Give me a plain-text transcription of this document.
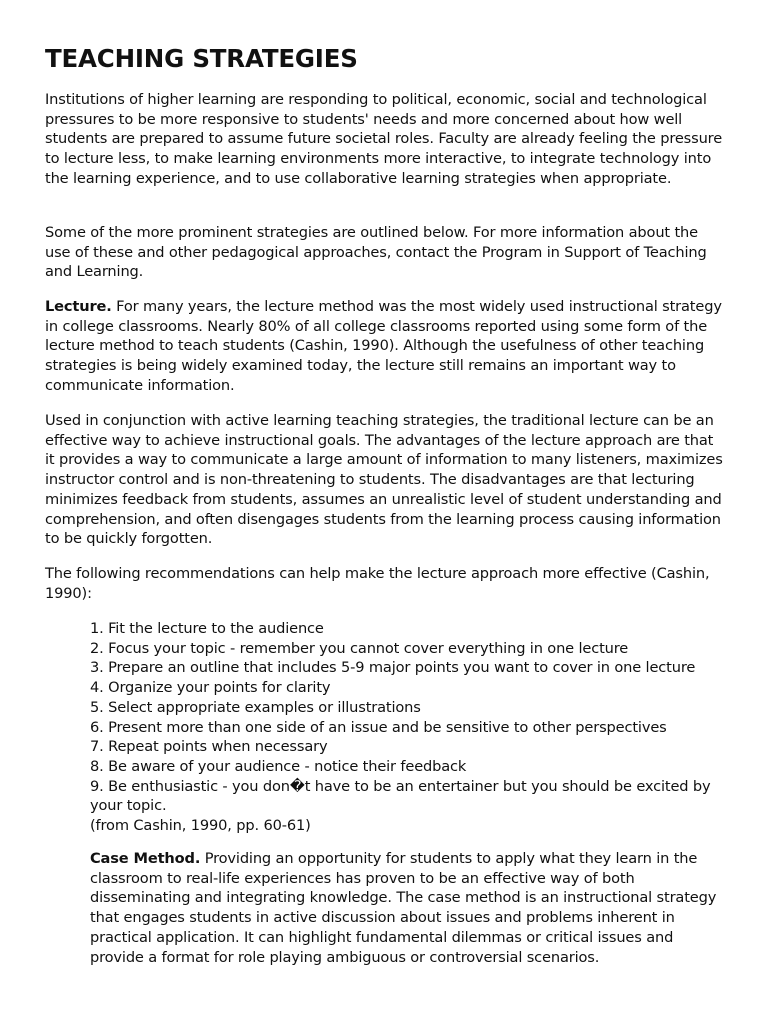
TEACHING STRATEGIES

Institutions of higher learning are responding to political, economic, social and technological pressures to be more responsive to students' needs and more concerned about how well students are prepared to assume future societal roles. Faculty are already feeling the pressure to lecture less, to make learning environments more interactive, to integrate technology into the learning experience, and to use collaborative learning strategies when appropriate.

Some of the more prominent strategies are outlined below. For more information about the use of these and other pedagogical approaches, contact the Program in Support of Teaching and Learning.

Lecture. For many years, the lecture method was the most widely used instructional strategy in college classrooms. Nearly 80% of all college classrooms reported using some form of the lecture method to teach students (Cashin, 1990). Although the usefulness of other teaching strategies is being widely examined today, the lecture still remains an important way to communicate information.

Used in conjunction with active learning teaching strategies, the traditional lecture can be an effective way to achieve instructional goals. The advantages of the lecture approach are that it provides a way to communicate a large amount of information to many listeners, maximizes instructor control and is non-threatening to students. The disadvantages are that lecturing minimizes feedback from students, assumes an unrealistic level of student understanding and comprehension, and often disengages students from the learning process causing information to be quickly forgotten.

The following recommendations can help make the lecture approach more effective (Cashin, 1990):

1. Fit the lecture to the audience
2. Focus your topic - remember you cannot cover everything in one lecture
3. Prepare an outline that includes 5-9 major points you want to cover in one lecture
4. Organize your points for clarity
5. Select appropriate examples or illustrations
6. Present more than one side of an issue and be sensitive to other perspectives
7. Repeat points when necessary
8. Be aware of your audience - notice their feedback
9. Be enthusiastic - you don�t have to be an entertainer but you should be excited by your topic.
(from Cashin, 1990, pp. 60-61)

Case Method. Providing an opportunity for students to apply what they learn in the classroom to real-life experiences has proven to be an effective way of both disseminating and integrating knowledge. The case method is an instructional strategy that engages students in active discussion about issues and problems inherent in practical application. It can highlight fundamental dilemmas or critical issues and provide a format for role playing ambiguous or controversial scenarios.
